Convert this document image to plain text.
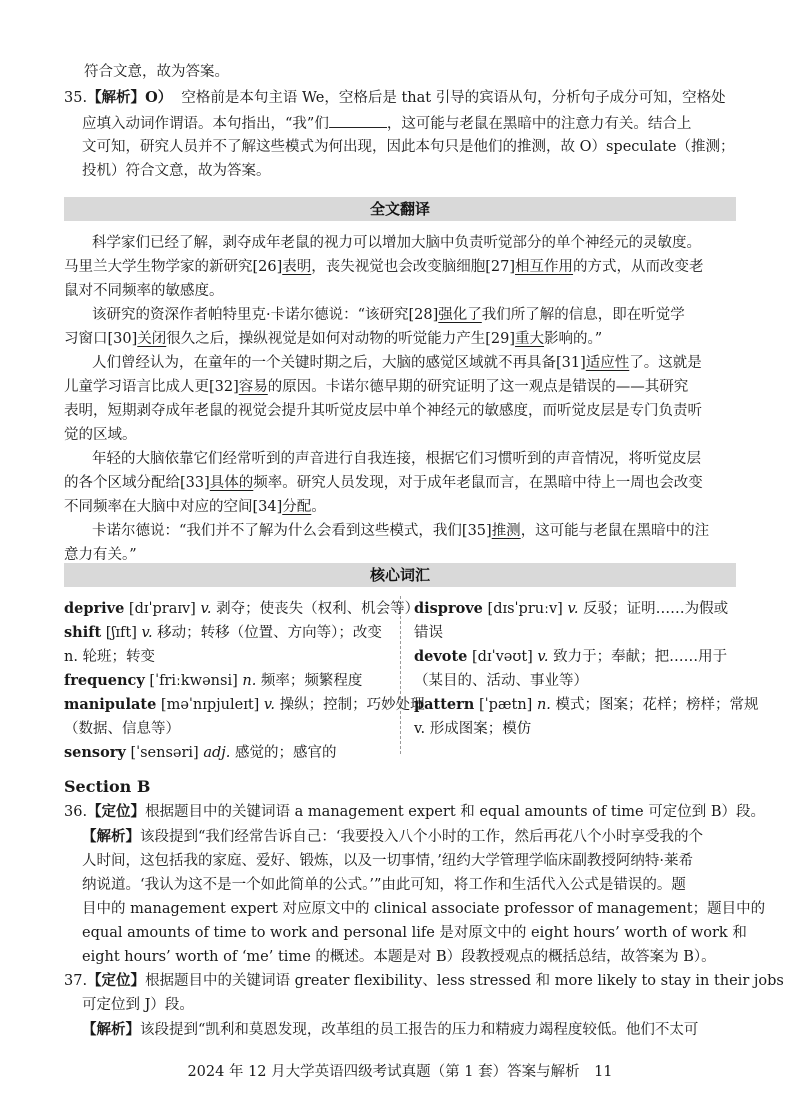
符合文意，故为答案。
35.【解析】O） 空格前是本句主语 We，空格后是 that 引导的宾语从句，分析句子成分可知，空格处
应填入动词作谓语。本句指出，“我”们	，这可能与老鼠在黑暗中的注意力有关。结合上
文可知，研究人员并不了解这些模式为何出现，因此本句只是他们的推测，故 O）speculate（推测；
投机）符合文意，故为答案。
全文翻译
科学家们已经了解，剥夺成年老鼠的视力可以增加大脑中负责听觉部分的单个神经元的灵敏度。
马里兰大学生物学家的新研究[26]表明，丧失视觉也会改变脑细胞[27]相互作用的方式，从而改变老
鼠对不同频率的敏感度。
该研究的资深作者帕特里克·卡诺尔德说：“该研究[28]强化了我们所了解的信息，即在听觉学
习窗口[30]关闭很久之后，操纵视觉是如何对动物的听觉能力产生[29]重大影响的。”
人们曾经认为，在童年的一个关键时期之后，大脑的感觉区域就不再具备[31]适应性了。这就是
儿童学习语言比成人更[32]容易的原因。卡诺尔德早期的研究证明了这一观点是错误的——其研究
表明，短期剥夺成年老鼠的视觉会提升其听觉皮层中单个神经元的敏感度，而听觉皮层是专门负责听
觉的区域。
年轻的大脑依靠它们经常听到的声音进行自我连接，根据它们习惯听到的声音情况，将听觉皮层
的各个区域分配给[33]具体的频率。研究人员发现，对于成年老鼠而言，在黑暗中待上一周也会改变
不同频率在大脑中对应的空间[34]分配。
卡诺尔德说：“我们并不了解为什么会看到这些模式，我们[35]推测，这可能与老鼠在黑暗中的注
意力有关。”
核心词汇
deprive [dɪˈpraɪv] v. 剥夺；使丧失（权利、机会等）
shift [ʃɪft] v. 移动；转移（位置、方向等）；改变
n. 轮班；转变
frequency [ˈfriːkwənsi] n. 频率；频繁程度
manipulate [məˈnɪpjuleɪt] v. 操纵；控制；巧妙处理
（数据、信息等）
sensory [ˈsensəri] adj. 感觉的；感官的
disprove [dɪsˈpruːv] v. 反驳；证明……为假或
错误
devote [dɪˈvəʊt] v. 致力于；奉献；把……用于
（某目的、活动、事业等）
pattern [ˈpætn] n. 模式；图案；花样；榜样；常规
v. 形成图案；模仿
Section B
36.【定位】根据题目中的关键词语 a management expert 和 equal amounts of time 可定位到 B）段。
【解析】该段提到“我们经常告诉自己：‘我要投入八个小时的工作，然后再花八个小时享受我的个
人时间，这包括我的家庭、爱好、锻炼，以及一切事情，’纽约大学管理学临床副教授阿纳特·莱希
纳说道。‘我认为这不是一个如此简单的公式。’”由此可知，将工作和生活代入公式是错误的。题
目中的 management expert 对应原文中的 clinical associate professor of management；题目中的
equal amounts of time to work and personal life 是对原文中的 eight hours’ worth of work 和
eight hours’ worth of ‘me’ time 的概述。本题是对 B）段教授观点的概括总结，故答案为 B）。
37.【定位】根据题目中的关键词语 greater flexibility、less stressed 和 more likely to stay in their jobs
可定位到 J）段。
【解析】该段提到“凯利和莫恩发现，改革组的员工报告的压力和精疲力竭程度较低。他们不太可
2024 年 12 月大学英语四级考试真题（第 1 套）答案与解析　11
